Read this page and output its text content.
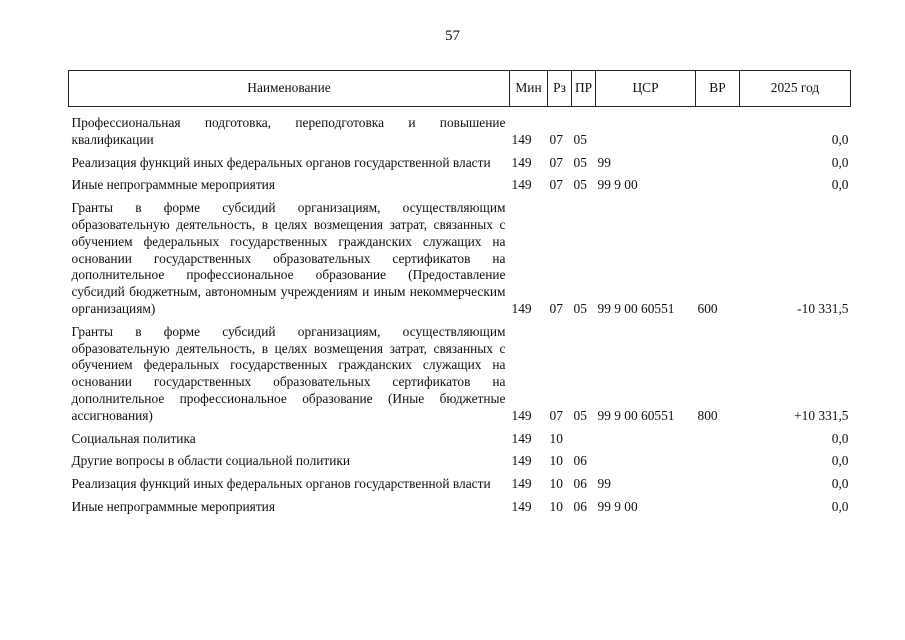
57
Наименование	Мин	Рз	ПР	ЦСР	ВР	2025 год
Профессиональная подготовка, переподготовка и повышение квалификации	149	07	05			0,0
Реализация функций иных федеральных органов государственной власти	149	07	05	99		0,0
Иные непрограммные мероприятия	149	07	05	99 9 00		0,0
Гранты в форме субсидий организациям, осуществляющим образовательную деятельность, в целях возмещения затрат, связанных с обучением федеральных государственных гражданских служащих на основании государственных образовательных сертификатов на дополнительное профессиональное образование (Предоставление субсидий бюджетным, автономным учреждениям и иным некоммерческим организациям)	149	07	05	99 9 00 60551	600	-10 331,5
Гранты в форме субсидий организациям, осуществляющим образовательную деятельность, в целях возмещения затрат, связанных с обучением федеральных государственных гражданских служащих на основании государственных образовательных сертификатов на дополнительное профессиональное образование (Иные бюджетные ассигнования)	149	07	05	99 9 00 60551	800	+10 331,5
Социальная политика	149	10				0,0
Другие вопросы в области социальной политики	149	10	06			0,0
Реализация функций иных федеральных органов государственной власти	149	10	06	99		0,0
Иные непрограммные мероприятия	149	10	06	99 9 00		0,0
